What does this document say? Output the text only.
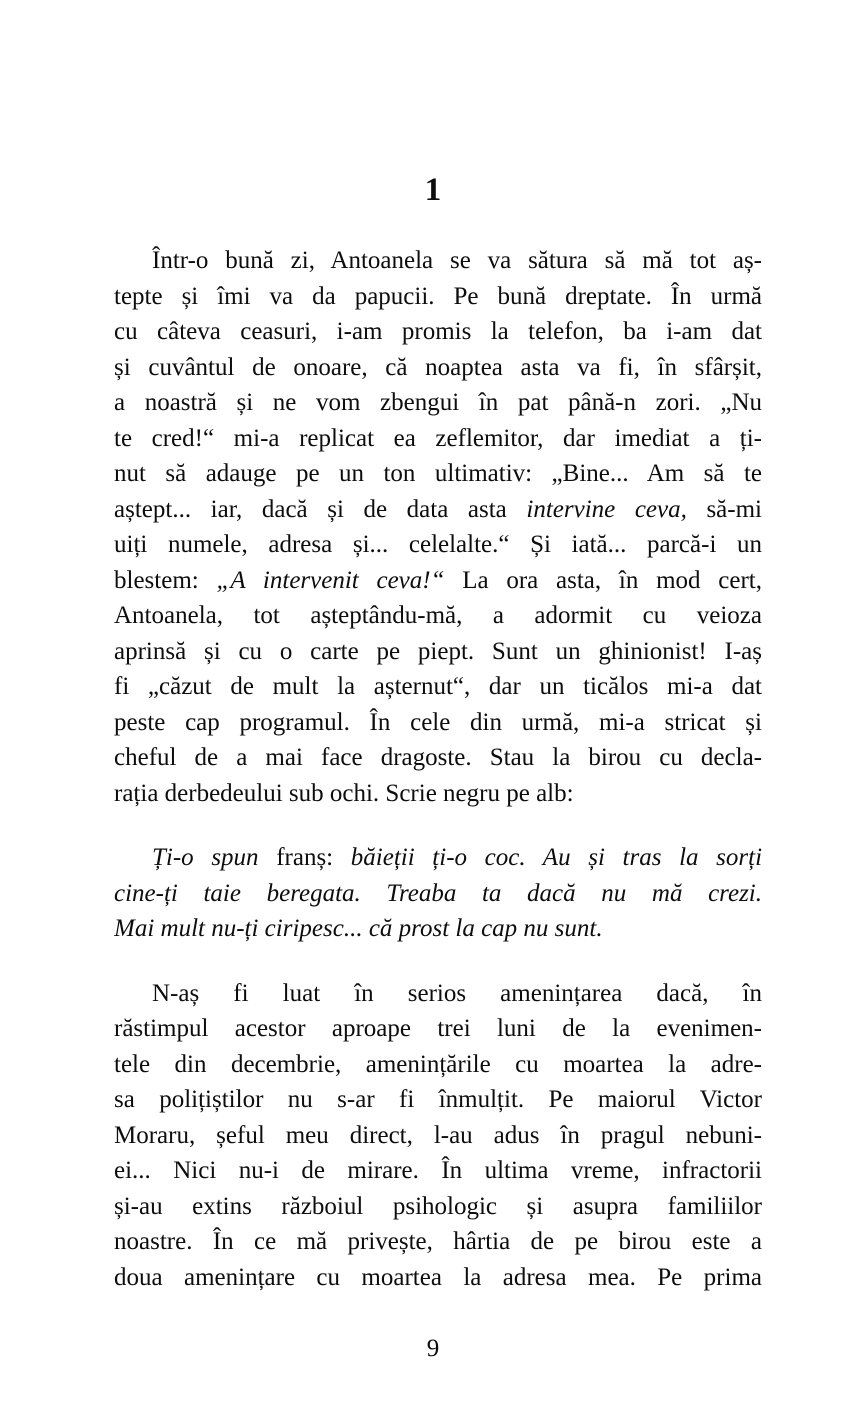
1
Într-o bună zi, Antoanela se va sătura să mă tot aș-
tepte și îmi va da papucii. Pe bună dreptate. În urmă
cu câteva ceasuri, i-am promis la telefon, ba i-am dat
și cuvântul de onoare, că noaptea asta va fi, în sfârșit,
a noastră și ne vom zbengui în pat până-n zori. „Nu
te cred!“ mi-a replicat ea zeflemitor, dar imediat a ți-
nut să adauge pe un ton ultimativ: „Bine... Am să te
aștept... iar, dacă și de data asta intervine ceva, să-mi
uiți numele, adresa și... celelalte.“ Și iată... parcă-i un
blestem: „A intervenit ceva!“ La ora asta, în mod cert,
Antoanela, tot așteptându-mă, a adormit cu veioza
aprinsă și cu o carte pe piept. Sunt un ghinionist! I-aș
fi „căzut de mult la așternut“, dar un ticălos mi-a dat
peste cap programul. În cele din urmă, mi-a stricat și
cheful de a mai face dragoste. Stau la birou cu decla-
rația derbedeului sub ochi. Scrie negru pe alb:
Ți-o spun franș: băieții ți-o coc. Au și tras la sorți
cine-ți taie beregata. Treaba ta dacă nu mă crezi.
Mai mult nu-ți ciripesc... că prost la cap nu sunt.
N-aș fi luat în serios amenințarea dacă, în
răstimpul acestor aproape trei luni de la evenimen-
tele din decembrie, amenințările cu moartea la adre-
sa polițiștilor nu s-ar fi înmulțit. Pe maiorul Victor
Moraru, șeful meu direct, l-au adus în pragul nebuni-
ei... Nici nu-i de mirare. În ultima vreme, infractorii
și-au extins războiul psihologic și asupra familiilor
noastre. În ce mă privește, hârtia de pe birou este a
doua amenințare cu moartea la adresa mea. Pe prima
9
